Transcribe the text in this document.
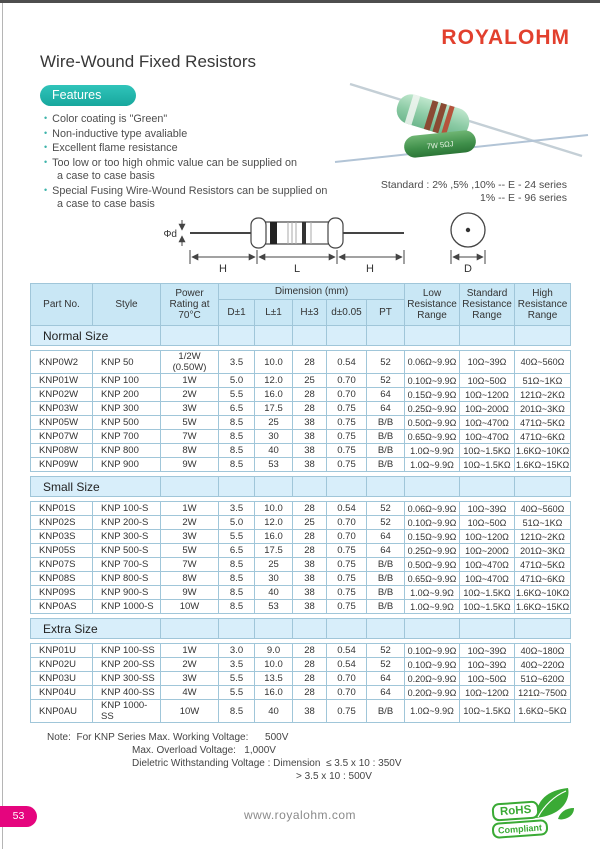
ROYALOHM
Wire-Wound Fixed Resistors
Features
• Color coating is "Green"
• Non-inductive type avaliable
• Excellent flame resistance
• Too low or too high ohmic value can be supplied on
a case to case basis
• Special Fusing Wire-Wound Resistors can be supplied on
a case to case basis
7W 5ΩJ
Standard : 2% ,5% ,10% -- E - 24 series
1% -- E - 96 series
Φd
H	L	H	D
Part No.	Style	Power Rating at 70°C	Dimension (mm)					Low Resistance Range	Standard Resistance Range	High Resistance Range
			D±1	L±1	H±3	d±0.05	PT			
Normal Size										

KNP0W2	KNP 50	1/2W (0.50W)	3.5	10.0	28	0.54	52	0.06Ω~9.9Ω	10Ω~39Ω	40Ω~560Ω
KNP01W	KNP 100	1W	5.0	12.0	25	0.70	52	0.10Ω~9.9Ω	10Ω~50Ω	51Ω~1KΩ
KNP02W	KNP 200	2W	5.5	16.0	28	0.70	64	0.15Ω~9.9Ω	10Ω~120Ω	121Ω~2KΩ
KNP03W	KNP 300	3W	6.5	17.5	28	0.75	64	0.25Ω~9.9Ω	10Ω~200Ω	201Ω~3KΩ
KNP05W	KNP 500	5W	8.5	25	38	0.75	B/B	0.50Ω~9.9Ω	10Ω~470Ω	471Ω~5KΩ
KNP07W	KNP 700	7W	8.5	30	38	0.75	B/B	0.65Ω~9.9Ω	10Ω~470Ω	471Ω~6KΩ
KNP08W	KNP 800	8W	8.5	40	38	0.75	B/B	1.0Ω~9.9Ω	10Ω~1.5KΩ	1.6KΩ~10KΩ
KNP09W	KNP 900	9W	8.5	53	38	0.75	B/B	1.0Ω~9.9Ω	10Ω~1.5KΩ	1.6KΩ~15KΩ

Small Size										

KNP01S	KNP 100-S	1W	3.5	10.0	28	0.54	52	0.06Ω~9.9Ω	10Ω~39Ω	40Ω~560Ω
KNP02S	KNP 200-S	2W	5.0	12.0	25	0.70	52	0.10Ω~9.9Ω	10Ω~50Ω	51Ω~1KΩ
KNP03S	KNP 300-S	3W	5.5	16.0	28	0.70	64	0.15Ω~9.9Ω	10Ω~120Ω	121Ω~2KΩ
KNP05S	KNP 500-S	5W	6.5	17.5	28	0.75	64	0.25Ω~9.9Ω	10Ω~200Ω	201Ω~3KΩ
KNP07S	KNP 700-S	7W	8.5	25	38	0.75	B/B	0.50Ω~9.9Ω	10Ω~470Ω	471Ω~5KΩ
KNP08S	KNP 800-S	8W	8.5	30	38	0.75	B/B	0.65Ω~9.9Ω	10Ω~470Ω	471Ω~6KΩ
KNP09S	KNP 900-S	9W	8.5	40	38	0.75	B/B	1.0Ω~9.9Ω	10Ω~1.5KΩ	1.6KΩ~10KΩ
KNP0AS	KNP 1000-S	10W	8.5	53	38	0.75	B/B	1.0Ω~9.9Ω	10Ω~1.5KΩ	1.6KΩ~15KΩ

Extra Size										

KNP01U	KNP 100-SS	1W	3.0	9.0	28	0.54	52	0.10Ω~9.9Ω	10Ω~39Ω	40Ω~180Ω
KNP02U	KNP 200-SS	2W	3.5	10.0	28	0.54	52	0.10Ω~9.9Ω	10Ω~39Ω	40Ω~220Ω
KNP03U	KNP 300-SS	3W	5.5	13.5	28	0.70	64	0.20Ω~9.9Ω	10Ω~50Ω	51Ω~620Ω
KNP04U	KNP 400-SS	4W	5.5	16.0	28	0.70	64	0.20Ω~9.9Ω	10Ω~120Ω	121Ω~750Ω
KNP0AU	KNP 1000-SS	10W	8.5	40	38	0.75	B/B	1.0Ω~9.9Ω	10Ω~1.5KΩ	1.6KΩ~5KΩ
Note:  For KNP Series Max. Working Voltage:      500V
Max. Overload Voltage:   1,000V
Dieletric Withstanding Voltage : Dimension  ≤ 3.5 x 10 : 350V
> 3.5 x 10 : 500V
53	www.royalohm.com	RoHS
Compliant
